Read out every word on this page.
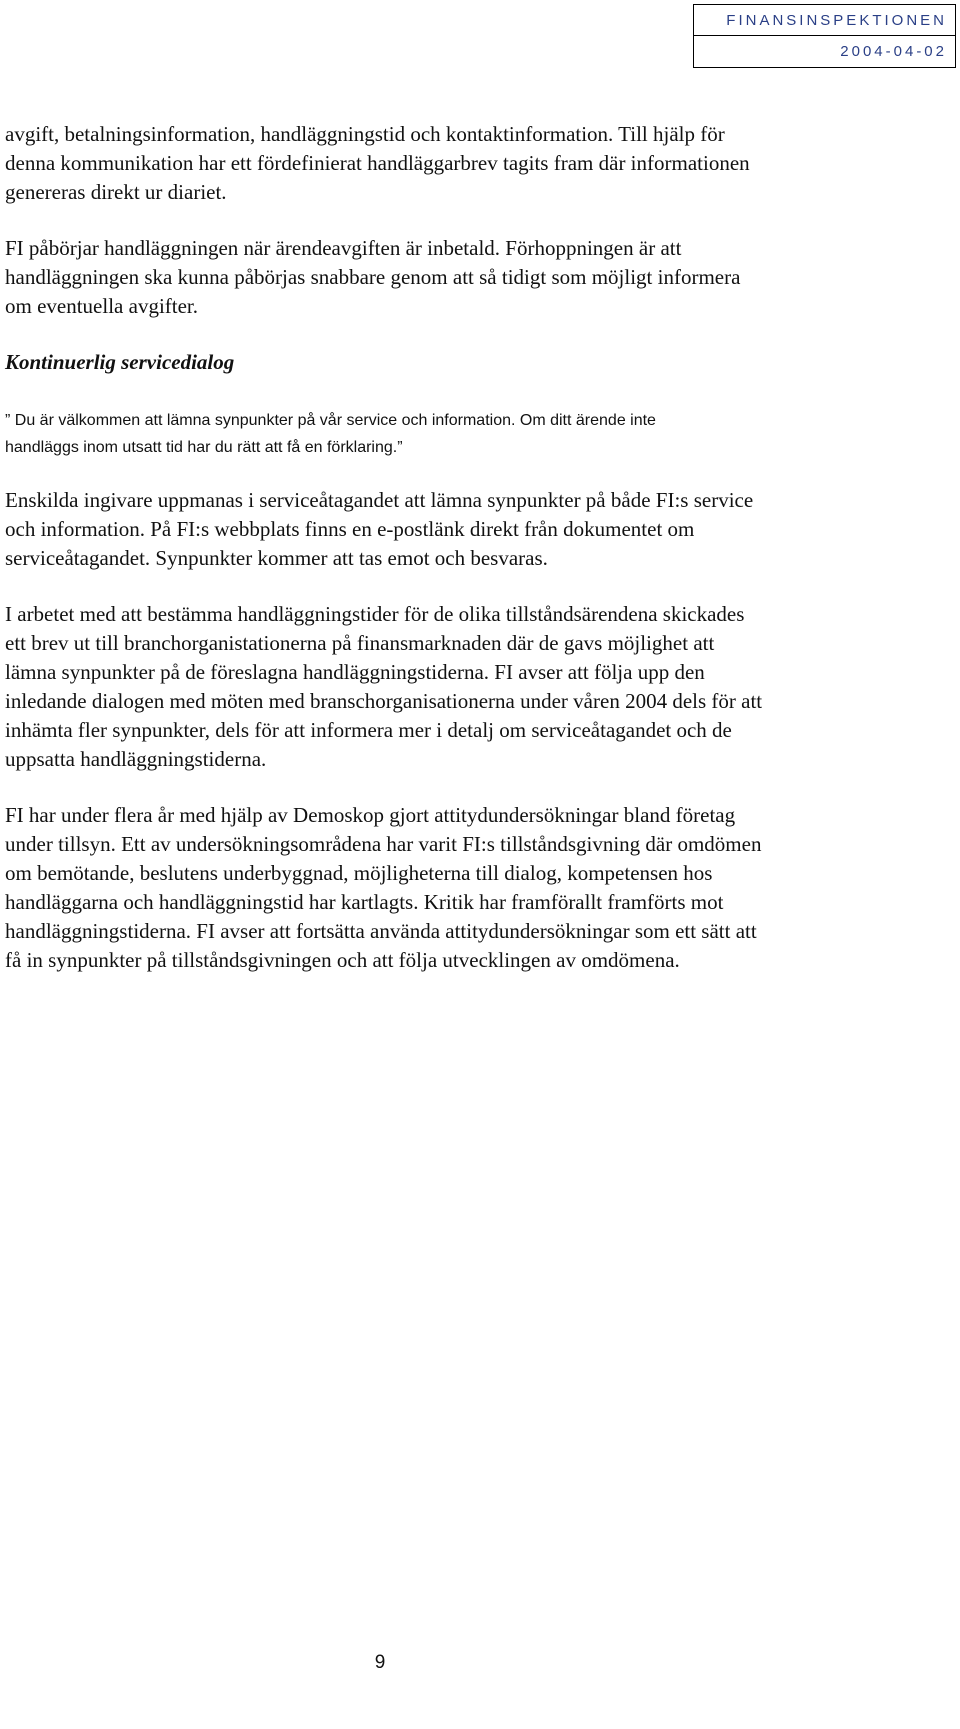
FINANSINSPEKTIONEN
2004-04-02

avgift, betalningsinformation, handläggningstid och kontaktinformation. Till hjälp för denna kommunikation har ett fördefinierat handläggarbrev tagits fram där informationen genereras direkt ur diariet.

FI påbörjar handläggningen när ärendeavgiften är inbetald. Förhoppningen är att handläggningen ska kunna påbörjas snabbare genom att så tidigt som möjligt informera om eventuella avgifter.

Kontinuerlig servicedialog

” Du är välkommen att lämna synpunkter på vår service och information. Om ditt ärende inte handläggs inom utsatt tid har du rätt att få en förklaring.”

Enskilda ingivare uppmanas i serviceåtagandet att lämna synpunkter på både FI:s service och information. På FI:s webbplats finns en e-postlänk direkt från dokumentet om serviceåtagandet. Synpunkter kommer att tas emot och besvaras.

I arbetet med att bestämma handläggningstider för de olika tillståndsärendena skickades ett brev ut till branchorganistationerna på finansmarknaden där de gavs möjlighet att lämna synpunkter på de föreslagna handläggningstiderna. FI avser att följa upp den inledande dialogen med möten med branschorganisationerna under våren 2004 dels för att inhämta fler synpunkter, dels för att informera mer i detalj om serviceåtagandet och de uppsatta handläggningstiderna.

FI har under flera år med hjälp av Demoskop gjort attitydundersökningar bland företag under tillsyn. Ett av undersökningsområdena har varit FI:s tillståndsgivning där omdömen om bemötande, beslutens underbyggnad, möjligheterna till dialog, kompetensen hos handläggarna och handläggningstid har kartlagts. Kritik har framförallt framförts mot handläggningstiderna. FI avser att fortsätta använda attitydundersökningar som ett sätt att få in synpunkter på tillståndsgivningen och att följa utvecklingen av omdömena.

9
